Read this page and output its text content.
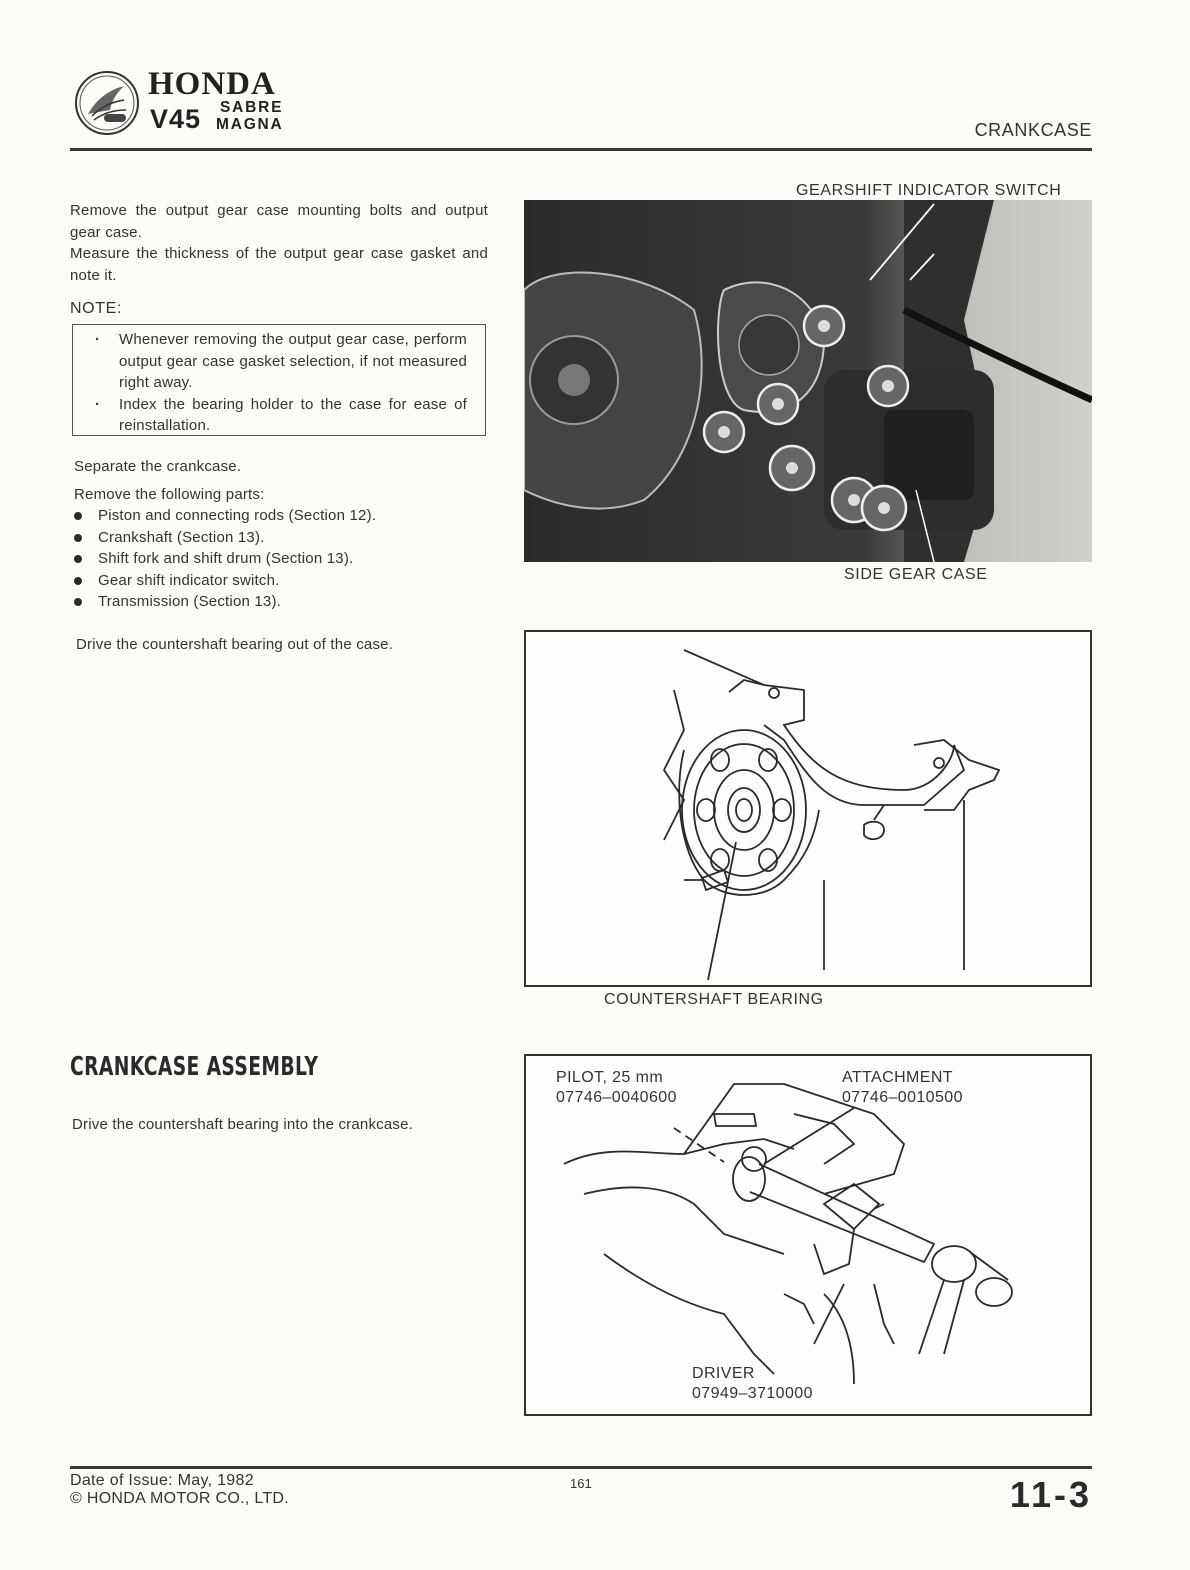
HONDA
V45 SABRE
MAGNA	CRANKCASE
Remove the output gear case mounting bolts and output gear case.
Measure the thickness of the output gear case gasket and note it.
NOTE:
· Whenever removing the output gear case, perform output gear case gasket selection, if not measured right away.
· Index the bearing holder to the case for ease of reinstallation.
Separate the crankcase.
Remove the following parts:
Piston and connecting rods (Section 12).
Crankshaft (Section 13).
Shift fork and shift drum (Section 13).
Gear shift indicator switch.
Transmission (Section 13).
Drive the countershaft bearing out of the case.
CRANKCASE ASSEMBLY
Drive the countershaft bearing into the crankcase.
GEARSHIFT INDICATOR SWITCH
SIDE GEAR CASE
COUNTERSHAFT BEARING
PILOT, 25 mm
07746–0040600
ATTACHMENT
07746–0010500
DRIVER
07949–3710000
Date of Issue: May, 1982
© HONDA MOTOR CO., LTD.
161	11-3
